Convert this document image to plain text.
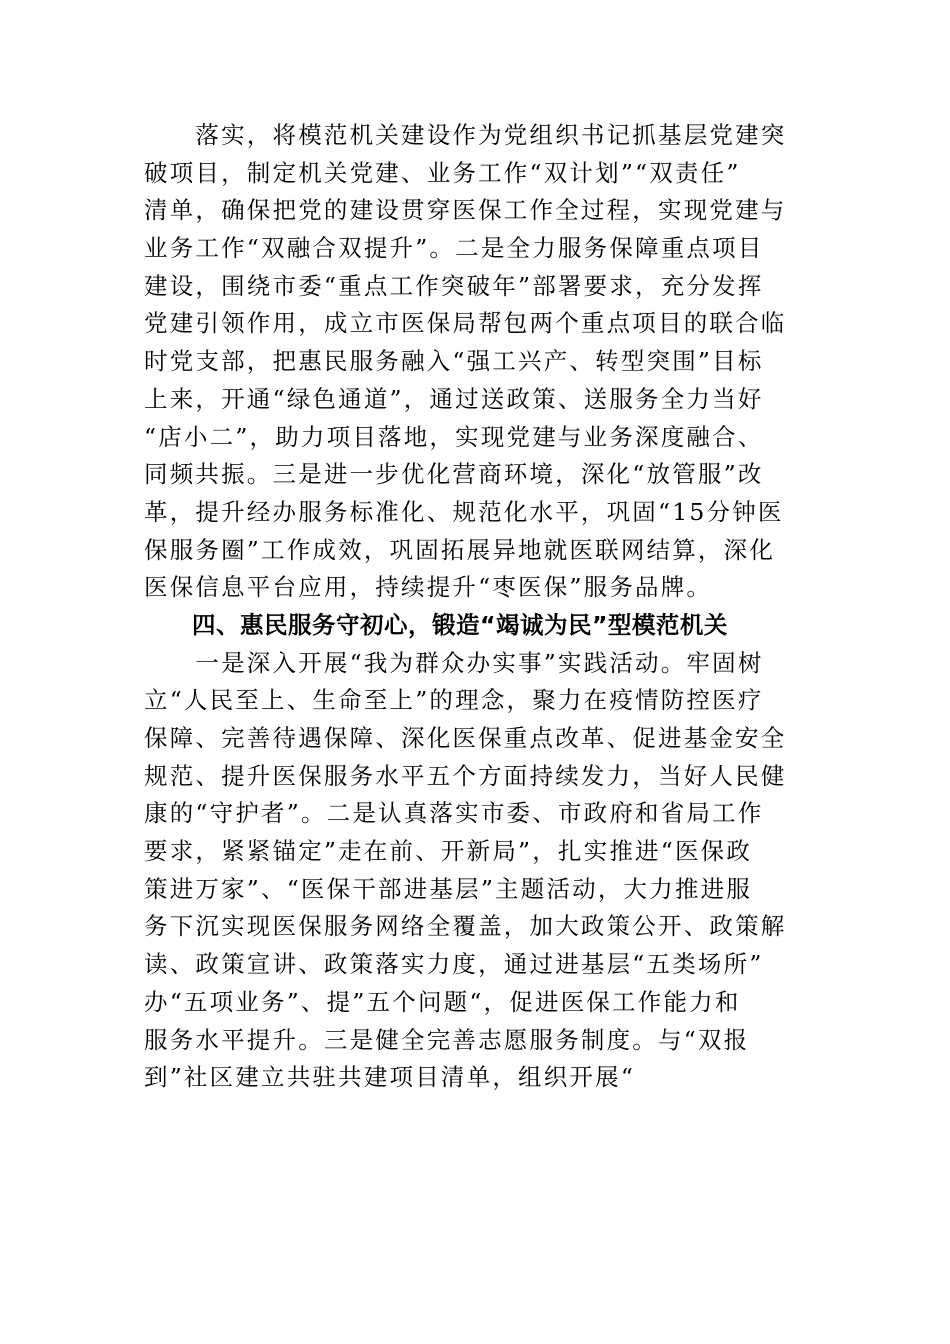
　　落实，将模范机关建设作为党组织书记抓基层党建突
破项目，制定机关党建、业务工作“双计划”“双责任”
清单，确保把党的建设贯穿医保工作全过程，实现党建与
业务工作“双融合双提升”。二是全力服务保障重点项目
建设，围绕市委“重点工作突破年”部署要求，充分发挥
党建引领作用，成立市医保局帮包两个重点项目的联合临
时党支部，把惠民服务融入“强工兴产、转型突围”目标
上来，开通“绿色通道”，通过送政策、送服务全力当好
“店小二”，助力项目落地，实现党建与业务深度融合、
同频共振。三是进一步优化营商环境，深化“放管服”改
革，提升经办服务标准化、规范化水平，巩固“15分钟医
保服务圈”工作成效，巩固拓展异地就医联网结算，深化
医保信息平台应用，持续提升“枣医保”服务品牌。
四、惠民服务守初心，锻造“竭诚为民”型模范机关
　　一是深入开展“我为群众办实事”实践活动。牢固树
立“人民至上、生命至上”的理念，聚力在疫情防控医疗
保障、完善待遇保障、深化医保重点改革、促进基金安全
规范、提升医保服务水平五个方面持续发力，当好人民健
康的“守护者”。二是认真落实市委、市政府和省局工作
要求，紧紧锚定”走在前、开新局”，扎实推进“医保政
策进万家”、“医保干部进基层”主题活动，大力推进服
务下沉实现医保服务网络全覆盖，加大政策公开、政策解
读、政策宣讲、政策落实力度，通过进基层“五类场所”
办“五项业务”、提”五个问题“，促进医保工作能力和
服务水平提升。三是健全完善志愿服务制度。与“双报
到”社区建立共驻共建项目清单，组织开展“
